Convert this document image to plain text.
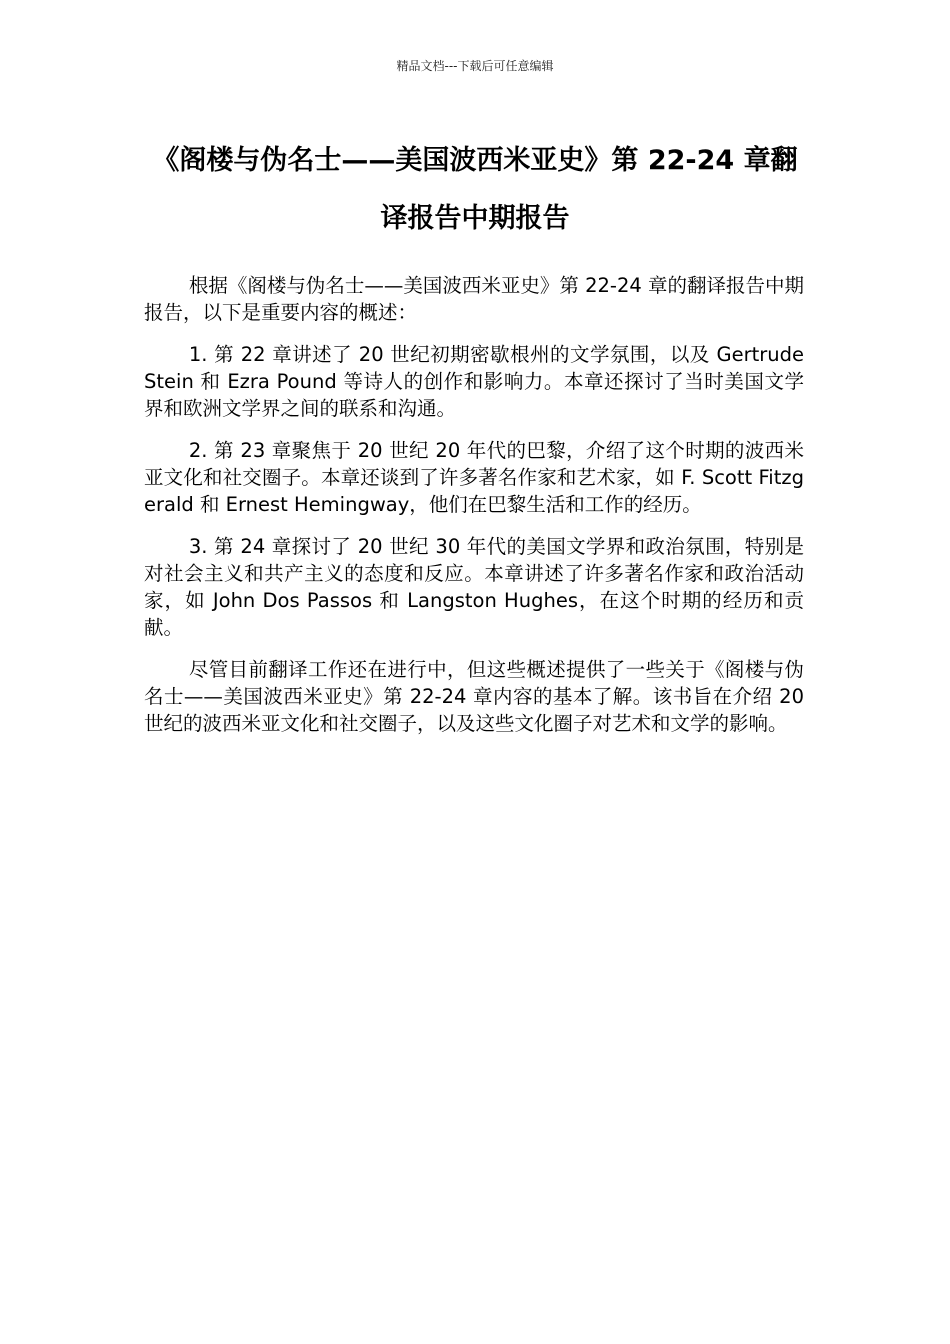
精品文档---下载后可任意编辑
《阁楼与伪名士——美国波西米亚史》第 22-24 章翻译报告中期报告

根据《阁楼与伪名士——美国波西米亚史》第 22-24 章的翻译报告中期报告，以下是重要内容的概述：

1. 第 22 章讲述了 20 世纪初期密歇根州的文学氛围，以及 Gertrude Stein 和 Ezra Pound 等诗人的创作和影响力。本章还探讨了当时美国文学界和欧洲文学界之间的联系和沟通。

2. 第 23 章聚焦于 20 世纪 20 年代的巴黎，介绍了这个时期的波西米亚文化和社交圈子。本章还谈到了许多著名作家和艺术家，如 F. Scott Fitzgerald 和 Ernest Hemingway，他们在巴黎生活和工作的经历。

3. 第 24 章探讨了 20 世纪 30 年代的美国文学界和政治氛围，特别是对社会主义和共产主义的态度和反应。本章讲述了许多著名作家和政治活动家，如 John Dos Passos 和 Langston Hughes，在这个时期的经历和贡献。

尽管目前翻译工作还在进行中，但这些概述提供了一些关于《阁楼与伪名士——美国波西米亚史》第 22-24 章内容的基本了解。该书旨在介绍 20 世纪的波西米亚文化和社交圈子，以及这些文化圈子对艺术和文学的影响。
